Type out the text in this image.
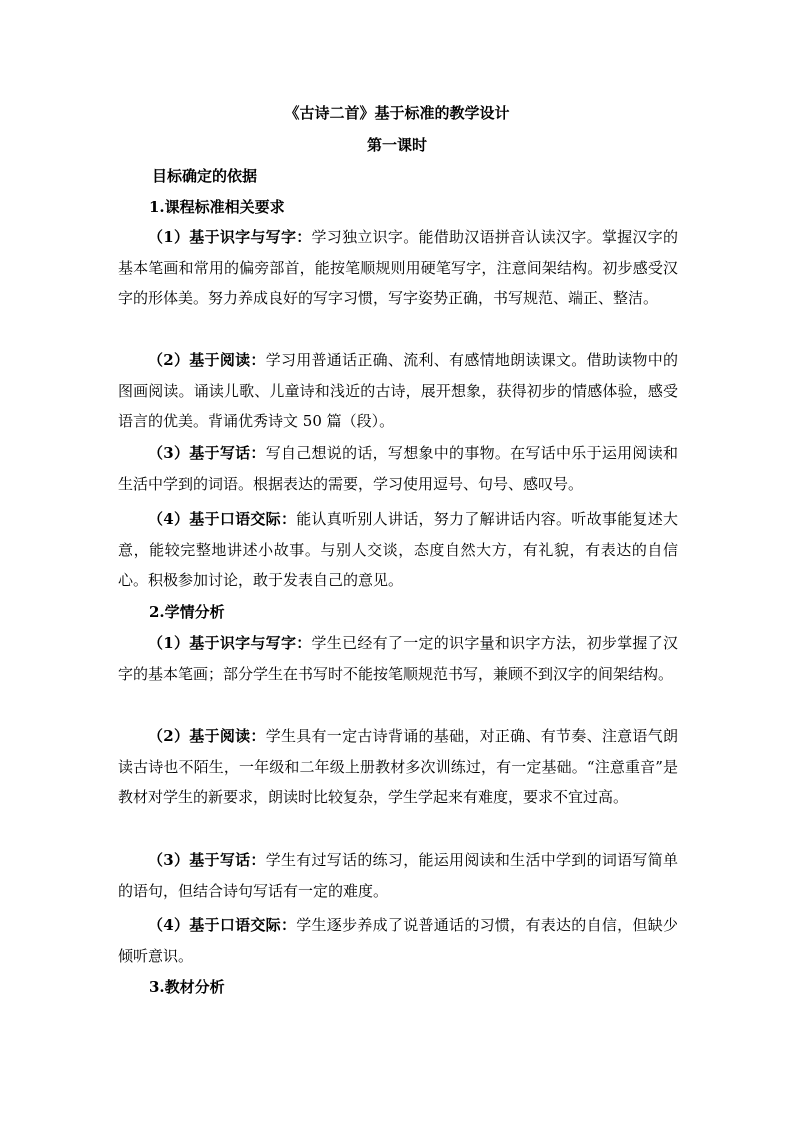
《古诗二首》基于标准的教学设计
第一课时
目标确定的依据
1.课程标准相关要求
（1）基于识字与写字：学习独立识字。能借助汉语拼音认读汉字。掌握汉字的基本笔画和常用的偏旁部首，能按笔顺规则用硬笔写字，注意间架结构。初步感受汉字的形体美。努力养成良好的写字习惯，写字姿势正确，书写规范、端正、整洁。
（2）基于阅读：学习用普通话正确、流利、有感情地朗读课文。借助读物中的图画阅读。诵读儿歌、儿童诗和浅近的古诗，展开想象，获得初步的情感体验，感受语言的优美。背诵优秀诗文 50 篇（段）。
（3）基于写话：写自己想说的话，写想象中的事物。在写话中乐于运用阅读和生活中学到的词语。根据表达的需要，学习使用逗号、句号、感叹号。
（4）基于口语交际：能认真听别人讲话，努力了解讲话内容。听故事能复述大意，能较完整地讲述小故事。与别人交谈，态度自然大方，有礼貌，有表达的自信心。积极参加讨论，敢于发表自己的意见。
2.学情分析
（1）基于识字与写字：学生已经有了一定的识字量和识字方法，初步掌握了汉字的基本笔画；部分学生在书写时不能按笔顺规范书写，兼顾不到汉字的间架结构。
（2）基于阅读：学生具有一定古诗背诵的基础，对正确、有节奏、注意语气朗读古诗也不陌生，一年级和二年级上册教材多次训练过，有一定基础。“注意重音”是教材对学生的新要求，朗读时比较复杂，学生学起来有难度，要求不宜过高。
（3）基于写话：学生有过写话的练习，能运用阅读和生活中学到的词语写简单的语句，但结合诗句写话有一定的难度。
（4）基于口语交际：学生逐步养成了说普通话的习惯，有表达的自信，但缺少倾听意识。
3.教材分析
